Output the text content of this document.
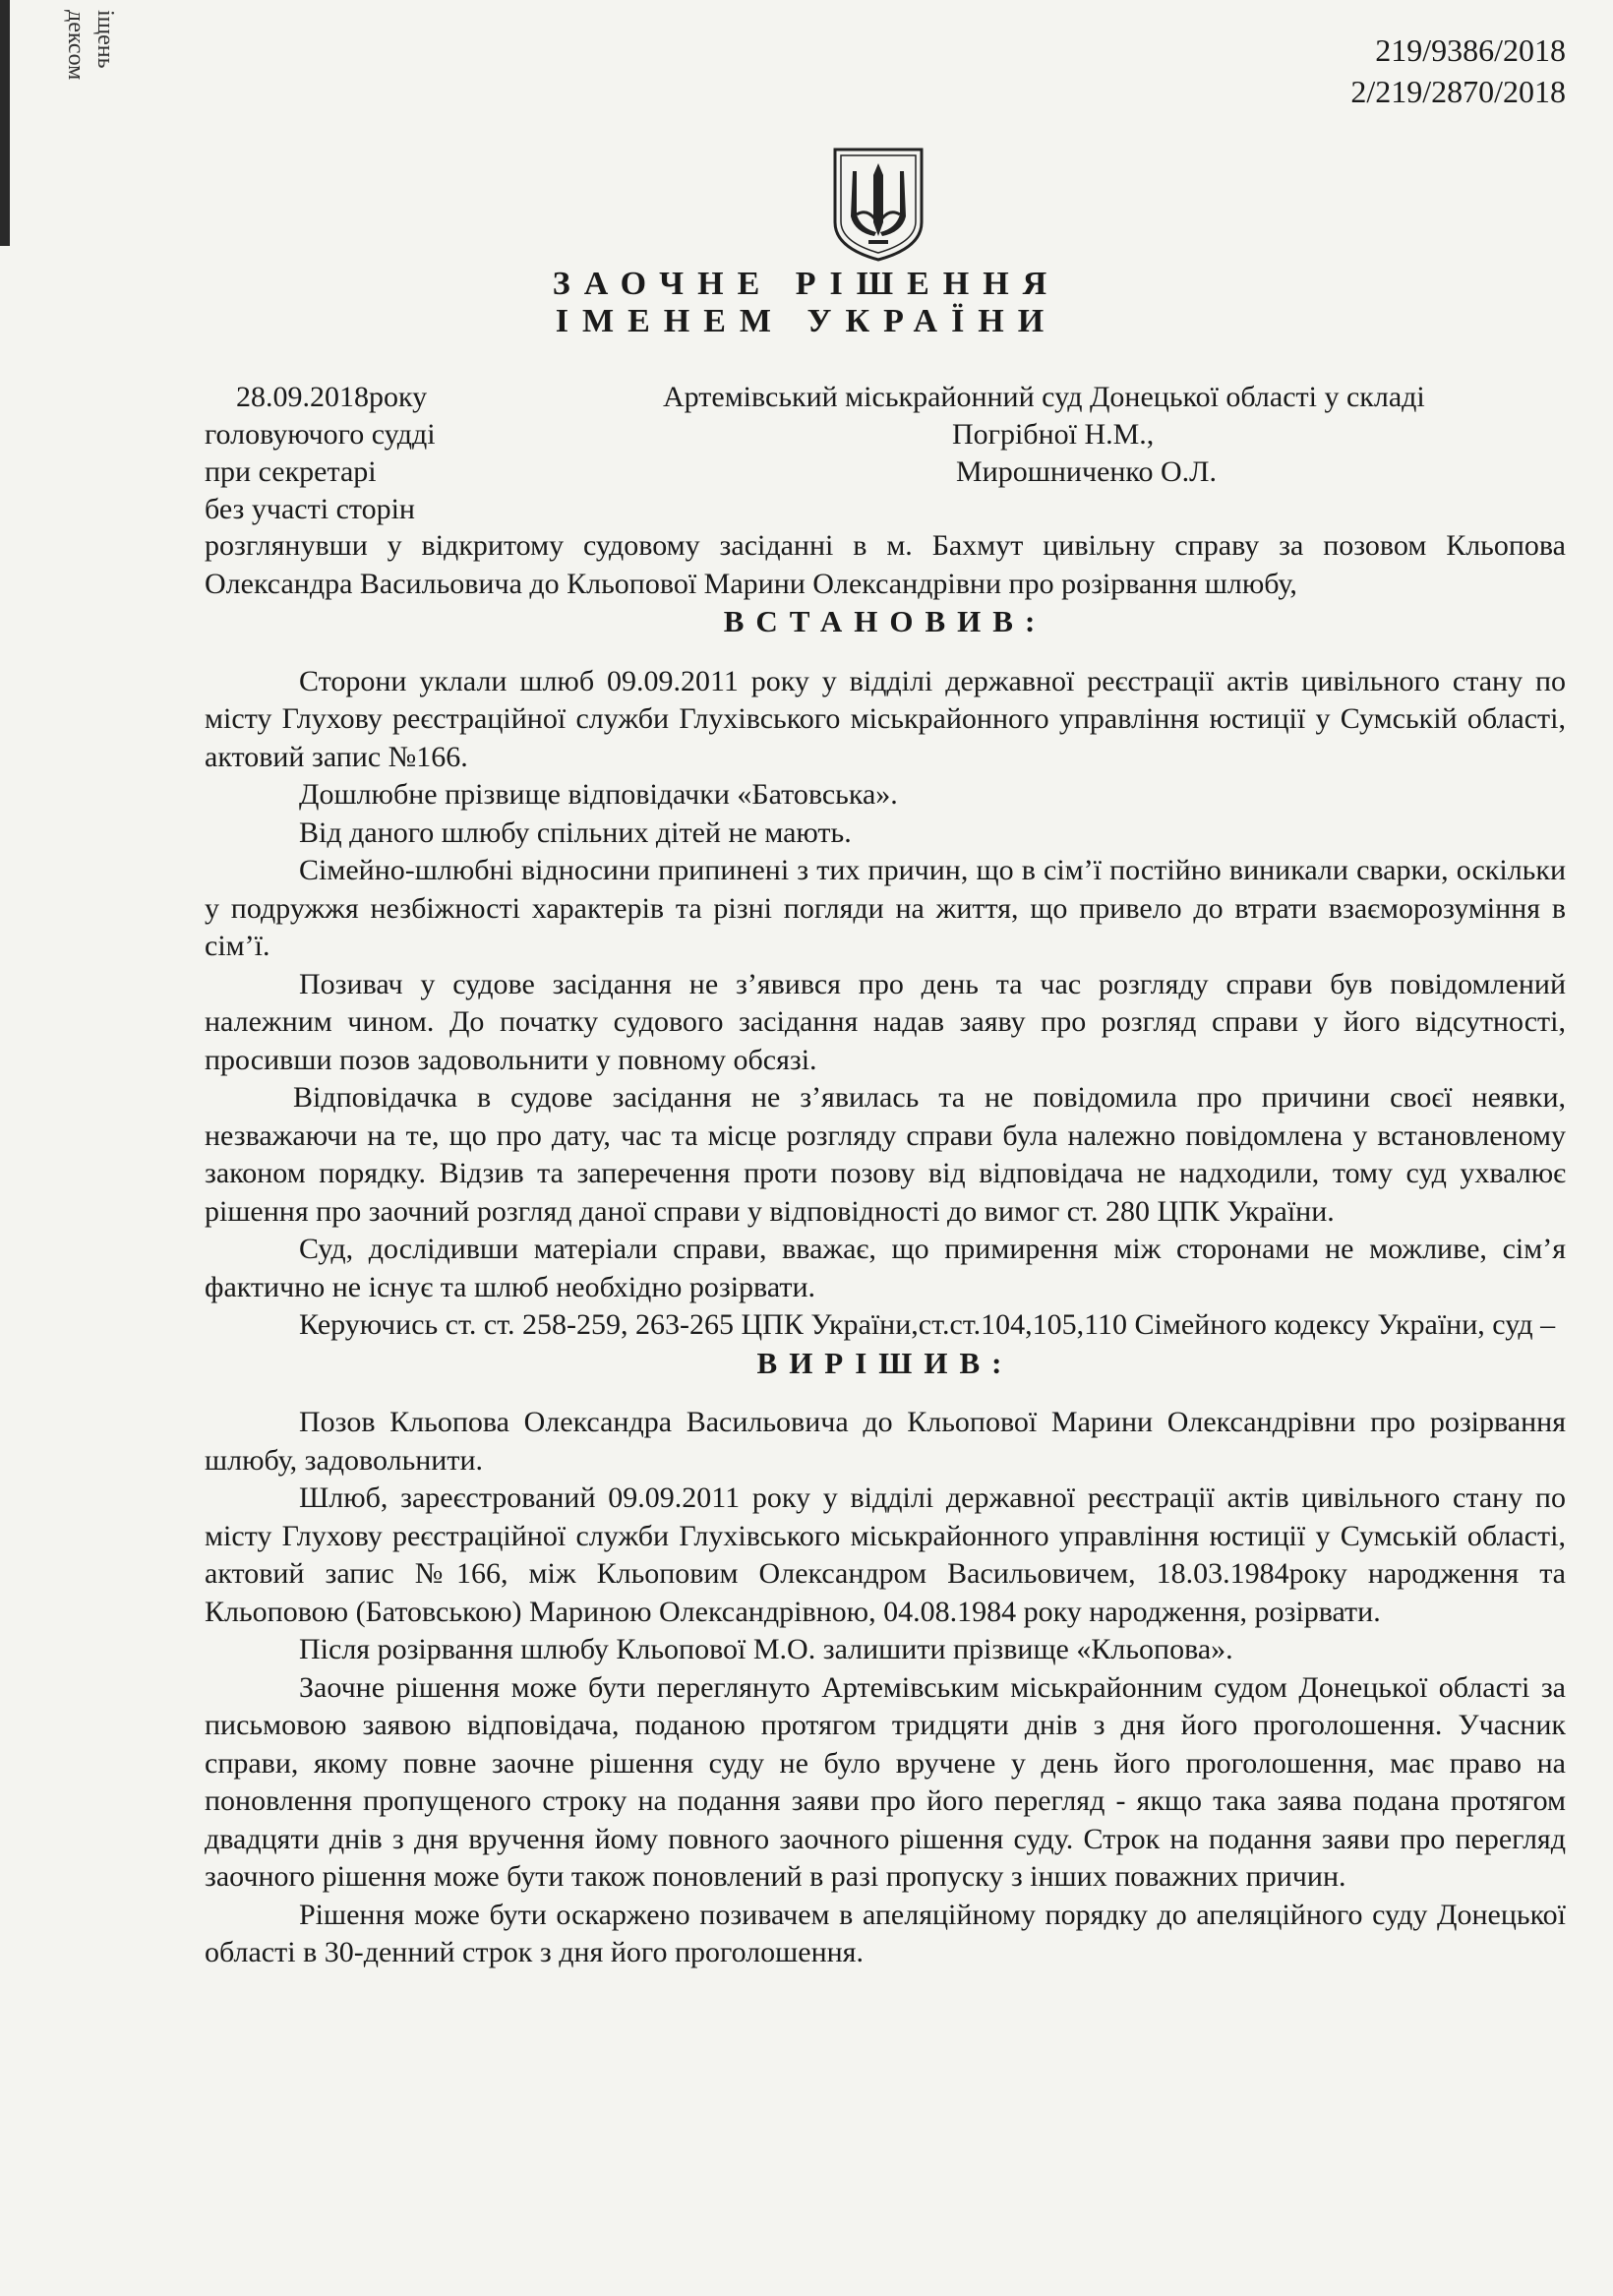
іщень
дексом	219/9386/2018
2/219/2870/2018
ЗАОЧНЕ РІШЕННЯ
ІМЕНЕМ УКРАЇНИ
28.09.2018року	Артемівський міськрайонний суд Донецької області у складі
головуючого судді	Погрібної Н.М.,
при секретарі	Мирошниченко О.Л.
без участі сторін

розглянувши у відкритому судовому засіданні в м. Бахмут цивільну справу за позовом Кльопова Олександра Васильовича до Кльопової Марини Олександрівни про розірвання шлюбу,

ВСТАНОВИВ:

Сторони уклали шлюб 09.09.2011 року у відділі державної реєстрації актів цивільного стану по місту Глухову реєстраційної служби Глухівського міськрайонного управління юстиції у Сумській області, актовий запис №166.

Дошлюбне прізвище відповідачки «Батовська».

Від даного шлюбу спільних дітей не мають.

Сімейно-шлюбні відносини припинені з тих причин, що в сім’ї постійно виникали сварки, оскільки у подружжя незбіжності характерів та різні погляди на життя, що привело до втрати взаєморозуміння в сім’ї.

Позивач у судове засідання не з’явився про день та час розгляду справи був повідомлений належним чином. До початку судового засідання надав заяву про розгляд справи у його відсутності, просивши позов задовольнити у повному обсязі.

Відповідачка в судове засідання не з’явилась та не повідомила про причини своєї неявки, незважаючи на те, що про дату, час та місце розгляду справи була належно повідомлена у встановленому законом порядку. Відзив та заперечення проти позову від відповідача не надходили, тому суд ухвалює рішення про заочний розгляд даної справи у відповідності до вимог ст. 280 ЦПК України.

Суд, дослідивши матеріали справи, вважає, що примирення між сторонами не можливе, сім’я фактично не існує та шлюб необхідно розірвати.

Керуючись ст. ст. 258-259, 263-265 ЦПК України,ст.ст.104,105,110 Сімейного кодексу України, суд –

ВИРІШИВ:

Позов Кльопова Олександра Васильовича до Кльопової Марини Олександрівни про розірвання шлюбу, задовольнити.

Шлюб, зареєстрований 09.09.2011 року у відділі державної реєстрації актів цивільного стану по місту Глухову реєстраційної служби Глухівського міськрайонного управління юстиції у Сумській області, актовий запис №166, між Кльоповим Олександром Васильовичем, 18.03.1984року народження та Кльоповою (Батовською) Мариною Олександрівною, 04.08.1984 року народження, розірвати.

Після розірвання шлюбу Кльопової М.О. залишити прізвище «Кльопова».

Заочне рішення може бути переглянуто Артемівським міськрайонним судом Донецької області за письмовою заявою відповідача, поданою протягом тридцяти днів з дня його проголошення. Учасник справи, якому повне заочне рішення суду не було вручене у день його проголошення, має право на поновлення пропущеного строку на подання заяви про його перегляд - якщо така заява подана протягом двадцяти днів з дня вручення йому повного заочного рішення суду. Строк на подання заяви про перегляд заочного рішення може бути також поновлений в разі пропуску з інших поважних причин.

Рішення може бути оскаржено позивачем в апеляційному порядку до апеляційного суду Донецької області в 30-денний строк з дня його проголошення.
